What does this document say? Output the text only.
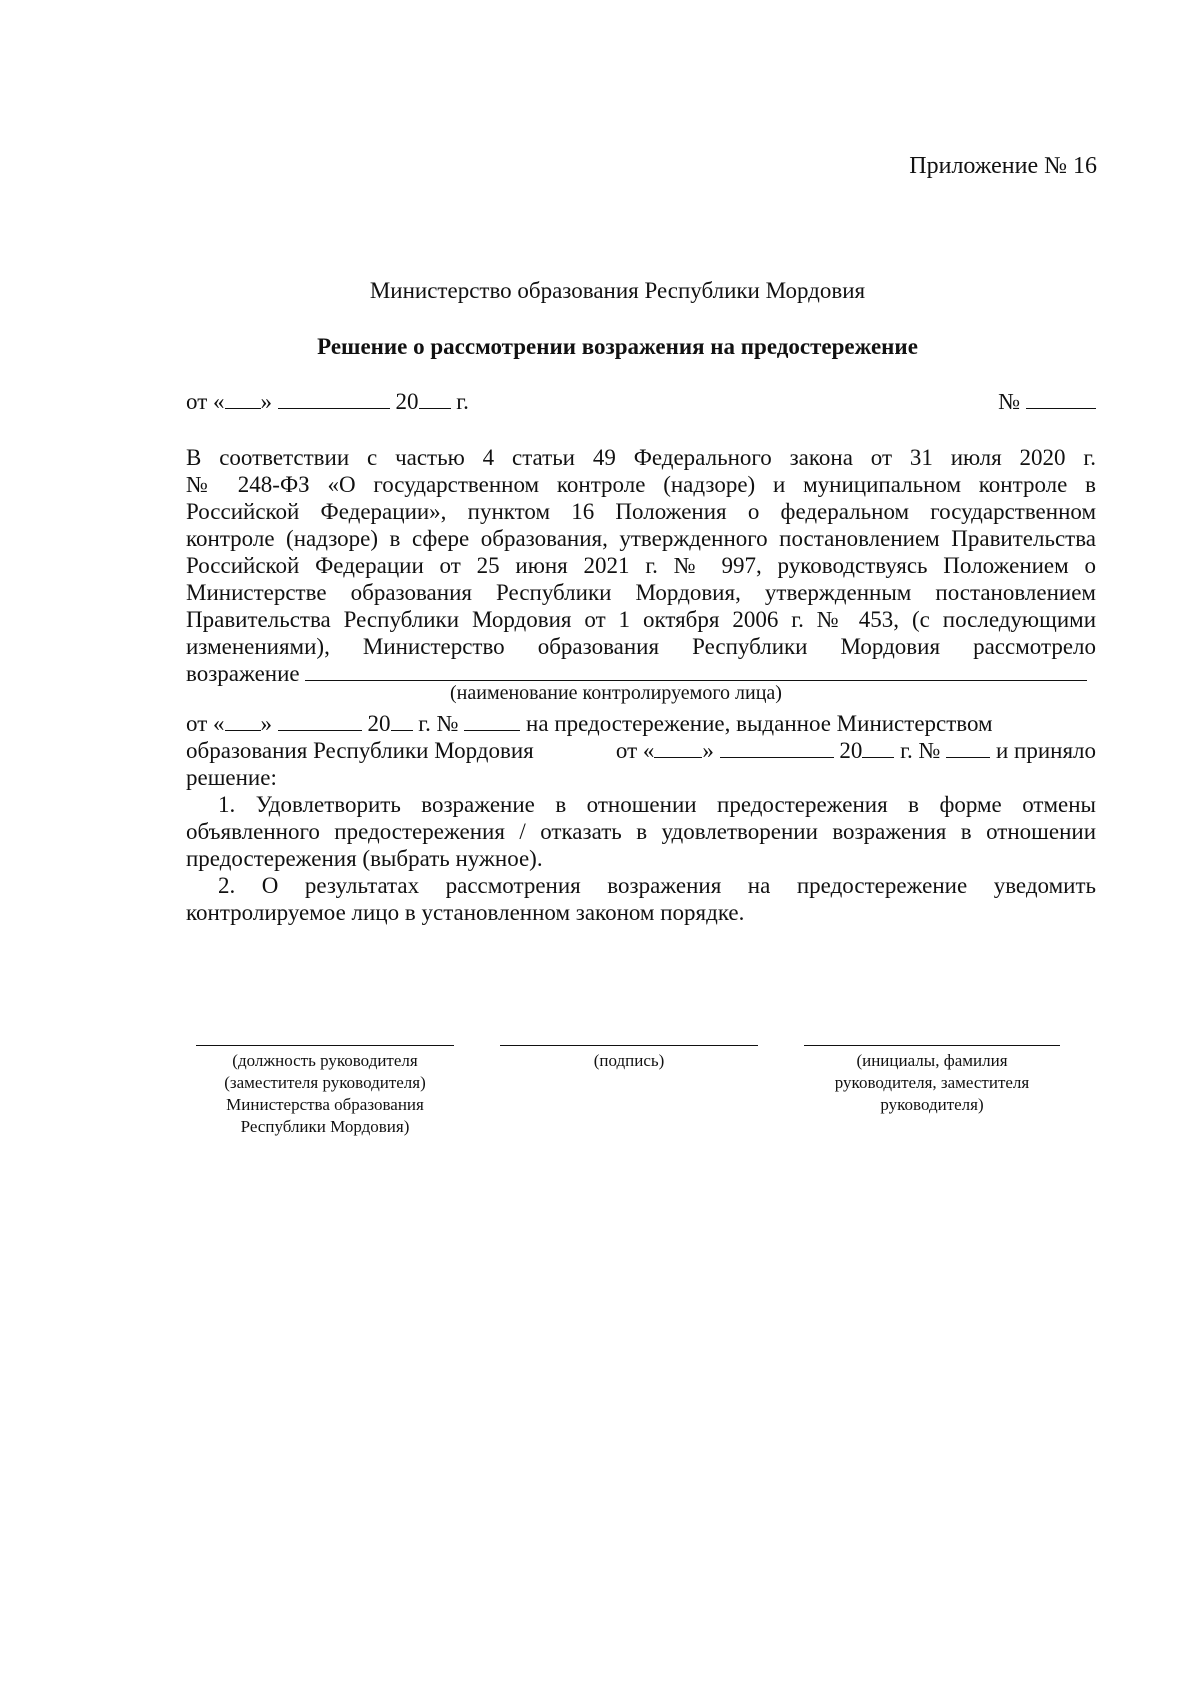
Приложение № 16
Министерство образования Республики Мордовия
Решение о рассмотрении возражения на предостережение
от « »	20 г.	№
В соответствии с частью 4 статьи 49 Федерального закона от 31 июля 2020 г.
№ 248-ФЗ «О государственном контроле (надзоре) и муниципальном контроле в
Российской Федерации», пунктом 16 Положения о федеральном государственном
контроле (надзоре) в сфере образования, утвержденного постановлением Правительства
Российской Федерации от 25 июня 2021 г. № 997, руководствуясь Положением о
Министерстве образования Республики Мордовия, утвержденным постановлением
Правительства Республики Мордовия от 1 октября 2006 г. № 453, (с последующими
изменениями), Министерство образования Республики Мордовия рассмотрело
возражение
(наименование контролируемого лица)
от « »	20 г. №	на предостережение, выданное Министерством
образования Республики Мордовия	от « »	20 г. № и приняло
решение:
1. Удовлетворить возражение в отношении предостережения в форме отмены
объявленного предостережения / отказать в удовлетворении возражения в отношении
предостережения (выбрать нужное).
2. О результатах рассмотрения возражения на предостережение уведомить
контролируемое лицо в установленном законом порядке.
(должность руководителя
(заместителя руководителя)
Министерства образования
Республики Мордовия)
(подпись)	(инициалы, фамилия
руководителя, заместителя
руководителя)
